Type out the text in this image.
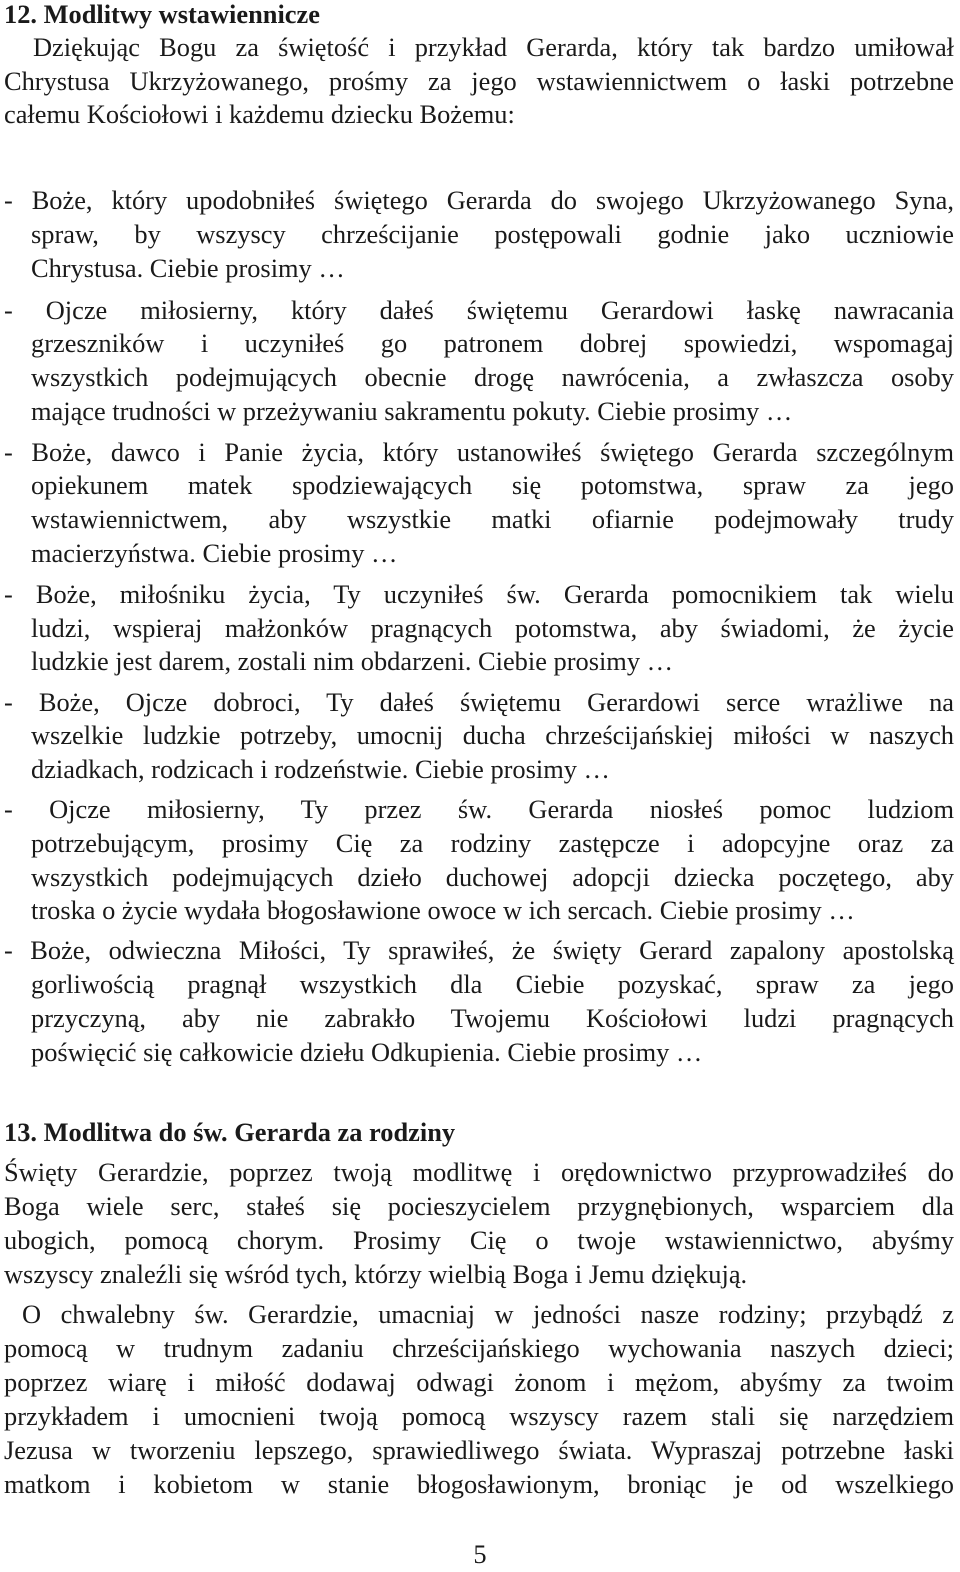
12. Modlitwy wstawiennicze
Dziękując Bogu za świętość i przykład Gerarda, który tak bardzo umiłował
Chrystusa Ukrzyżowanego, prośmy za jego wstawiennictwem o łaski potrzebne
całemu Kościołowi i każdemu dziecku Bożemu:
- Boże, który upodobniłeś świętego Gerarda do swojego Ukrzyżowanego Syna,
spraw, by wszyscy chrześcijanie postępowali godnie jako uczniowie
Chrystusa. Ciebie prosimy …
- Ojcze miłosierny, który dałeś świętemu Gerardowi łaskę nawracania
grzeszników i uczyniłeś go patronem dobrej spowiedzi, wspomagaj
wszystkich podejmujących obecnie drogę nawrócenia, a zwłaszcza osoby
mające trudności w przeżywaniu sakramentu pokuty. Ciebie prosimy …
- Boże, dawco i Panie życia, który ustanowiłeś świętego Gerarda szczególnym
opiekunem matek spodziewających się potomstwa, spraw za jego
wstawiennictwem, aby wszystkie matki ofiarnie podejmowały trudy
macierzyństwa. Ciebie prosimy …
- Boże, miłośniku życia, Ty uczyniłeś św. Gerarda pomocnikiem tak wielu
ludzi, wspieraj małżonków pragnących potomstwa, aby świadomi, że życie
ludzkie jest darem, zostali nim obdarzeni. Ciebie prosimy …
- Boże, Ojcze dobroci, Ty dałeś świętemu Gerardowi serce wrażliwe na
wszelkie ludzkie potrzeby, umocnij ducha chrześcijańskiej miłości w naszych
dziadkach, rodzicach i rodzeństwie. Ciebie prosimy …
- Ojcze miłosierny, Ty przez św. Gerarda niosłeś pomoc ludziom
potrzebującym, prosimy Cię za rodziny zastępcze i adopcyjne oraz za
wszystkich podejmujących dzieło duchowej adopcji dziecka poczętego, aby
troska o życie wydała błogosławione owoce w ich sercach. Ciebie prosimy …
- Boże, odwieczna Miłości, Ty sprawiłeś, że święty Gerard zapalony apostolską
gorliwością pragnął wszystkich dla Ciebie pozyskać, spraw za jego
przyczyną, aby nie zabrakło Twojemu Kościołowi ludzi pragnących
poświęcić się całkowicie dziełu Odkupienia. Ciebie prosimy …
13. Modlitwa do św. Gerarda za rodziny
Święty Gerardzie, poprzez twoją modlitwę i orędownictwo przyprowadziłeś do
Boga wiele serc, stałeś się pocieszycielem przygnębionych, wsparciem dla
ubogich, pomocą chorym. Prosimy Cię o twoje wstawiennictwo, abyśmy
wszyscy znaleźli się wśród tych, którzy wielbią Boga i Jemu dziękują.
O chwalebny św. Gerardzie, umacniaj w jedności nasze rodziny; przybądź z
pomocą w trudnym zadaniu chrześcijańskiego wychowania naszych dzieci;
poprzez wiarę i miłość dodawaj odwagi żonom i mężom, abyśmy za twoim
przykładem i umocnieni twoją pomocą wszyscy razem stali się narzędziem
Jezusa w tworzeniu lepszego, sprawiedliwego świata. Wypraszaj potrzebne łaski
matkom i kobietom w stanie błogosławionym, broniąc je od wszelkiego
5
